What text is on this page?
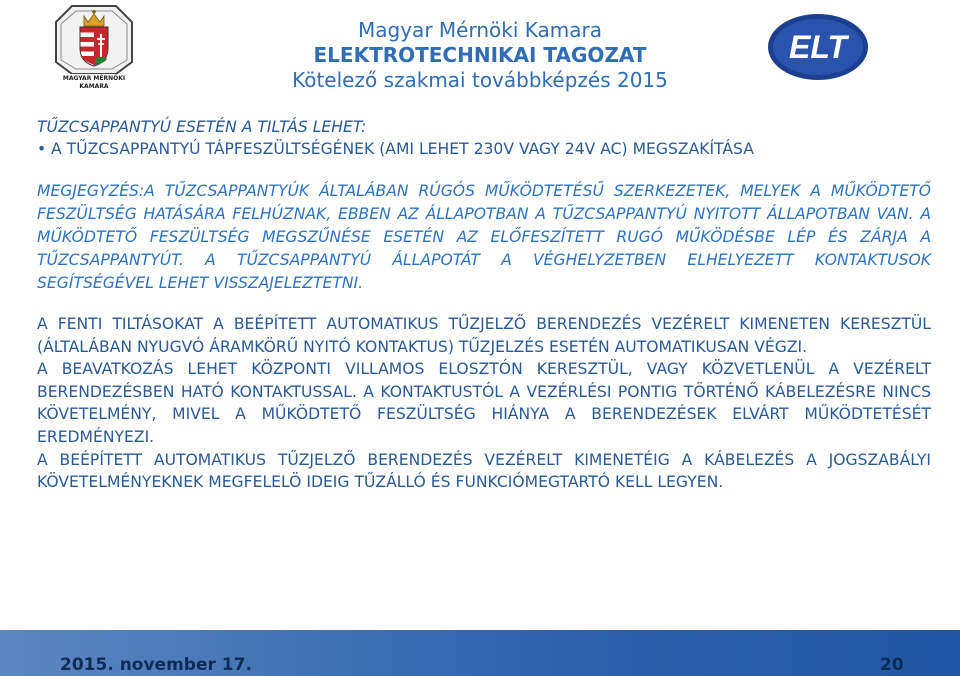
MAGYAR MÉRNÖKI
KAMARA
Magyar Mérnöki Kamara
ELEKTROTECHNIKAI TAGOZAT
Kötelező szakmai továbbképzés 2015
ELT
TŰZCSAPPANTYÚ ESETÉN A TILTÁS LEHET:
• A TŰZCSAPPANTYÚ TÁPFESZÜLTSÉGÉNEK (AMI LEHET 230V VAGY 24V AC) MEGSZAKÍTÁSA
MEGJEGYZÉS:A TŰZCSAPPANTYÚK ÁLTALÁBAN RÚGÓS MŰKÖDTETÉSŰ SZERKEZETEK, MELYEK A MŰKÖDTETŐ FESZÜLTSÉG HATÁSÁRA FELHÚZNAK, EBBEN AZ ÁLLAPOTBAN A TŰZCSAPPANTYÚ NYITOTT ÁLLAPOTBAN VAN. A MŰKÖDTETŐ FESZÜLTSÉG MEGSZŰNÉSE ESETÉN AZ ELŐFESZÍTETT RUGÓ MŰKÖDÉSBE LÉP ÉS ZÁRJA A TŰZCSAPPANTYÚT. A TŰZCSAPPANTYÚ ÁLLAPOTÁT A VÉGHELYZETBEN ELHELYEZETT KONTAKTUSOK SEGÍTSÉGÉVEL LEHET VISSZAJELEZTETNI.

A FENTI TILTÁSOKAT A BEÉPÍTETT AUTOMATIKUS TŰZJELZŐ BERENDEZÉS VEZÉRELT KIMENETEN KERESZTÜL (ÁLTALÁBAN NYUGVÓ ÁRAMKÖRŰ NYITÓ KONTAKTUS) TŰZJELZÉS ESETÉN AUTOMATIKUSAN VÉGZI.

A BEAVATKOZÁS LEHET KÖZPONTI VILLAMOS ELOSZTÓN KERESZTÜL, VAGY KÖZVETLENÜL A VEZÉRELT BERENDEZÉSBEN HATÓ KONTAKTUSSAL. A KONTAKTUSTÓL A VEZÉRLÉSI PONTIG TÖRTÉNŐ KÁBELEZÉSRE NINCS KÖVETELMÉNY, MIVEL A MŰKÖDTETŐ FESZÜLTSÉG HIÁNYA A BERENDEZÉSEK ELVÁRT MŰKÖDTETÉSÉT EREDMÉNYEZI.

A BEÉPÍTETT AUTOMATIKUS TŰZJELZŐ BERENDEZÉS VEZÉRELT KIMENETÉIG A KÁBELEZÉS A JOGSZABÁLYI KÖVETELMÉNYEKNEK MEGFELELÖ IDEIG TŰZÁLLÓ ÉS FUNKCIÓMEGTARTÓ KELL LEGYEN.

2015. november 17.	20
